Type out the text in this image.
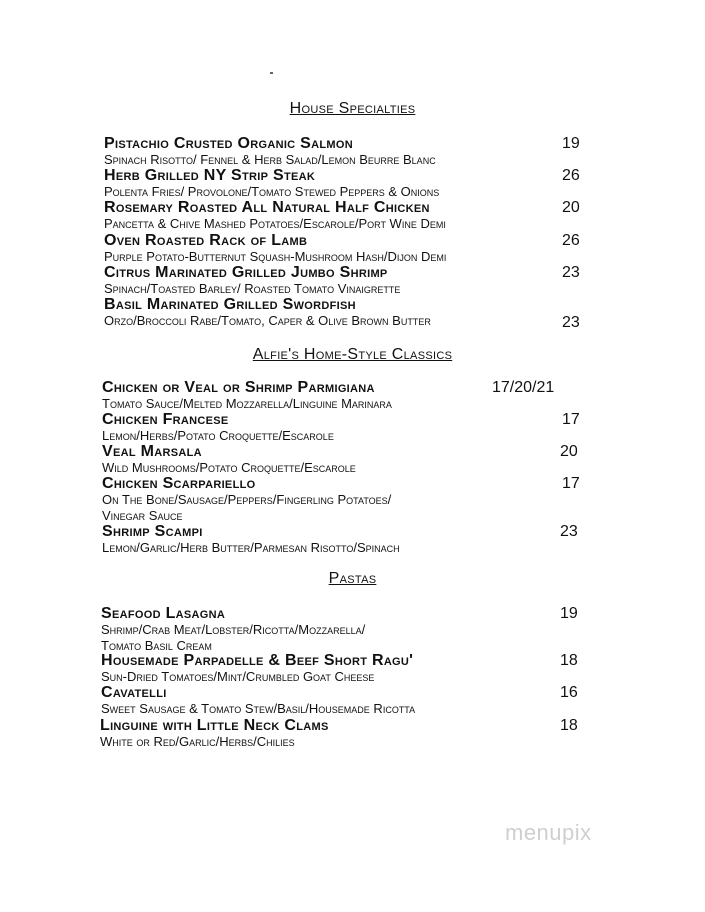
House Specialties
Pistachio Crusted Organic Salmon	19
Spinach Risotto/ Fennel & Herb Salad/Lemon Beurre Blanc
Herb Grilled NY Strip Steak	26
Polenta Fries/ Provolone/Tomato Stewed Peppers & Onions
Rosemary Roasted All Natural Half Chicken	20
Pancetta & Chive Mashed Potatoes/Escarole/Port Wine Demi
Oven Roasted Rack of Lamb	26
Purple Potato-Butternut Squash-Mushroom Hash/Dijon Demi
Citrus Marinated Grilled Jumbo Shrimp	23
Spinach/Toasted Barley/ Roasted Tomato Vinaigrette
Basil Marinated Grilled Swordfish
Orzo/Broccoli Rabe/Tomato, Caper & Olive Brown Butter	23
Alfie's Home-Style Classics
Chicken or Veal or Shrimp Parmigiana	17/20/21
Tomato Sauce/Melted Mozzarella/Linguine Marinara
Chicken Francese	17
Lemon/Herbs/Potato Croquette/Escarole
Veal Marsala	20
Wild Mushrooms/Potato Croquette/Escarole
Chicken Scarpariello	17
On The Bone/Sausage/Peppers/Fingerling Potatoes/
Vinegar Sauce
Shrimp Scampi	23
Lemon/Garlic/Herb Butter/Parmesan Risotto/Spinach
Pastas
Seafood Lasagna	19
Shrimp/Crab Meat/Lobster/Ricotta/Mozzarella/
Tomato Basil Cream
Housemade Parpadelle & Beef Short Ragu'	18
Sun-Dried Tomatoes/Mint/Crumbled Goat Cheese
Cavatelli	16
Sweet Sausage & Tomato Stew/Basil/Housemade Ricotta
Linguine with Little Neck Clams	18
White or Red/Garlic/Herbs/Chilies
menupix
